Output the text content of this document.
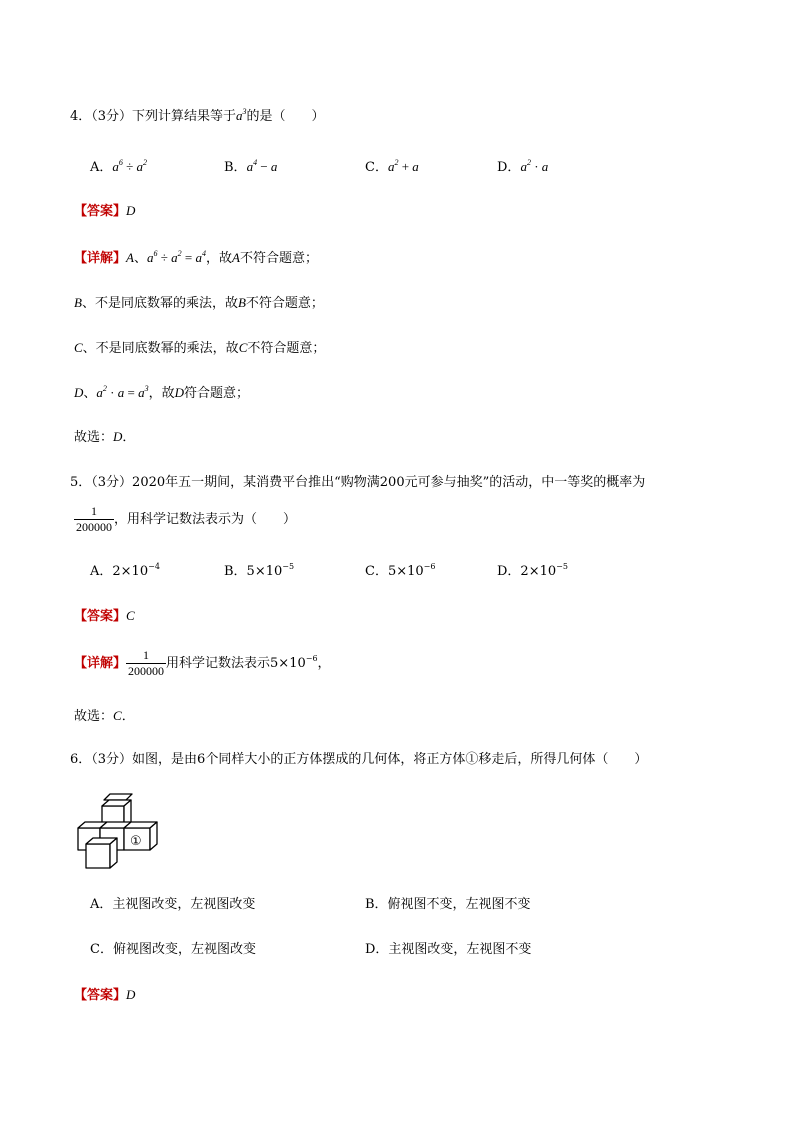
4．（3分）下列计算结果等于$a^3$的是（　　）
A．$a^6 \div a^2$	B．$a^4 - a$	C．$a^2 + a$	D．$a^2 \cdot a$
【答案】D
【详解】A、$a^6 \div a^2 = a^4$，故A不符合题意；
B、不是同底数幂的乘法，故B不符合题意；
C、不是同底数幂的乘法，故C不符合题意；
D、$a^2 \cdot a = a^3$，故D符合题意；
故选：D．
5．（3分）2020年五一期间，某消费平台推出“购物满200元可参与抽奖”的活动，中一等奖的概率为
$\frac{1}{200000}$ ，用科学记数法表示为（　　）
A．$2\times 10^{-4}$	B．$5\times 10^{-5}$	C．$5\times 10^{-6}$	D．$2\times 10^{-5}$
【答案】C
【详解】 $\frac{1}{200000}$ 用科学记数法表示$5\times 10^{-6}$，
故选：C．
6．（3分）如图，是由6个同样大小的正方体摆成的几何体，将正方体①移走后，所得几何体（　　）
①
A．主视图改变，左视图改变	B．俯视图不变，左视图不变
C．俯视图改变，左视图改变	D．主视图改变，左视图不变
【答案】D
